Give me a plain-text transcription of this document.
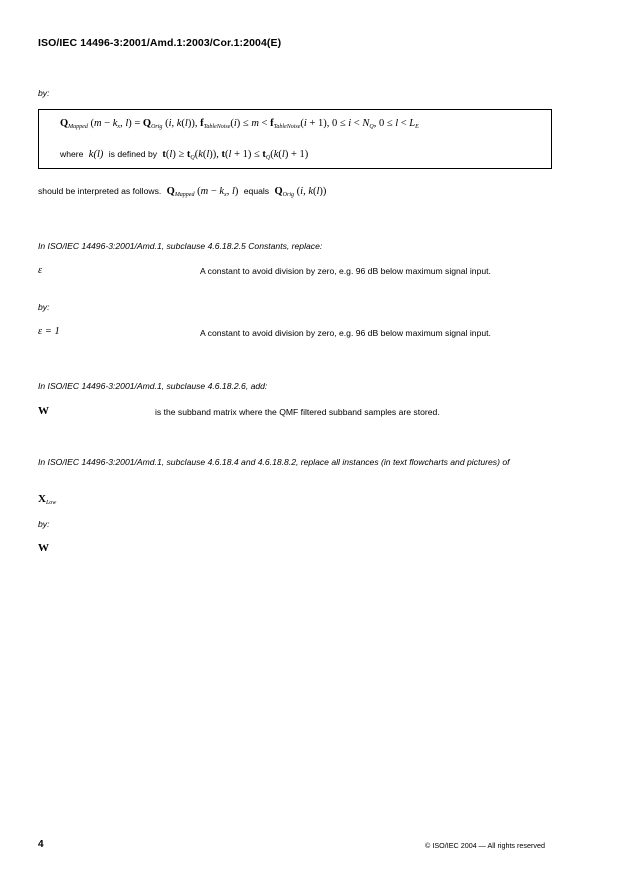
ISO/IEC 14496-3:2001/Amd.1:2003/Cor.1:2004(E)
by:
$Q_{Mapped}$ ($m - k_x$, $l) = Q_{Orig}$ (i, k(l)), $f_{TableNoise}(i) \le m < f_{TableNoise}(i + 1)$, $0 \le i < N_Q$, $0 \le l < L_E$
where k(l) is defined by $t(l) \ge t_Q(k(l))$, $t(l + 1) \le t_Q(k(l) + 1)$
should be interpreted as follows. $Q_{Mapped}$ ($m - k_x$, l) equals $Q_{Orig}$ (i, k(l))
In ISO/IEC 14496-3:2001/Amd.1, subclause 4.6.18.2.5 Constants, replace:
ε	A constant to avoid division by zero, e.g. 96 dB below maximum signal input.
by:
ε = 1	A constant to avoid division by zero, e.g. 96 dB below maximum signal input.
In ISO/IEC 14496-3:2001/Amd.1, subclause 4.6.18.2.6, add:
W	is the subband matrix where the QMF filtered subband samples are stored.
In ISO/IEC 14496-3:2001/Amd.1, subclause 4.6.18.4 and 4.6.18.8.2, replace all instances (in text flowcharts and pictures) of
$X_{Low}$
by:
W
4	© ISO/IEC 2004 — All rights reserved
